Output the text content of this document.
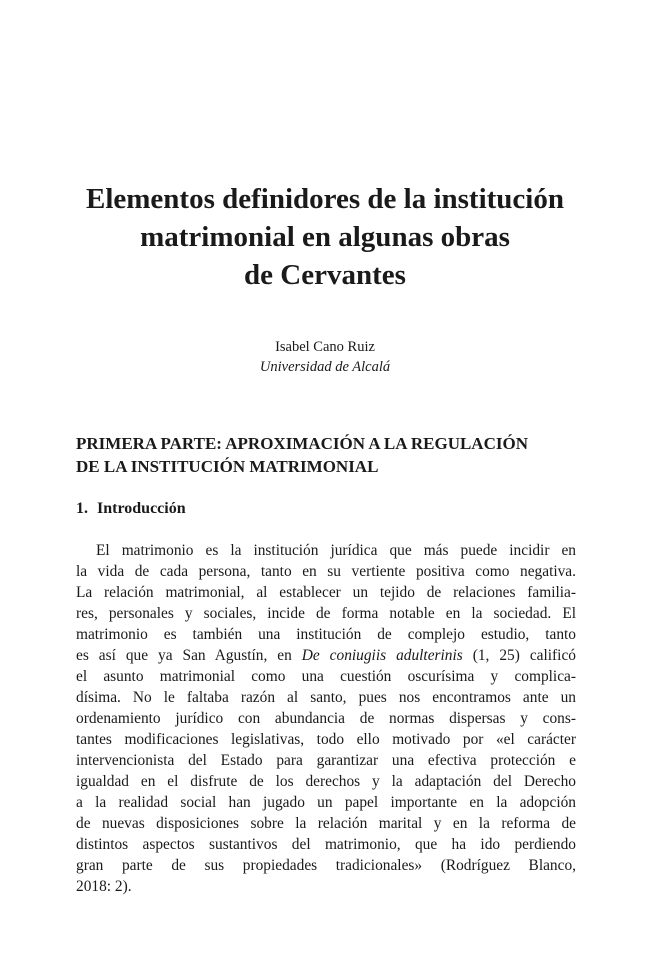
Elementos definidores de la institución
matrimonial en algunas obras
de Cervantes
Isabel Cano Ruiz
Universidad de Alcalá
PRIMERA PARTE: APROXIMACIÓN A LA REGULACIÓN
DE LA INSTITUCIÓN MATRIMONIAL
1. Introducción
El matrimonio es la institución jurídica que más puede incidir en
la vida de cada persona, tanto en su vertiente positiva como negativa.
La relación matrimonial, al establecer un tejido de relaciones familia-
res, personales y sociales, incide de forma notable en la sociedad. El
matrimonio es también una institución de complejo estudio, tanto
es así que ya San Agustín, en De coniugiis adulterinis (1, 25) calificó
el asunto matrimonial como una cuestión oscurísima y complica-
dísima. No le faltaba razón al santo, pues nos encontramos ante un
ordenamiento jurídico con abundancia de normas dispersas y cons-
tantes modificaciones legislativas, todo ello motivado por «el carácter
intervencionista del Estado para garantizar una efectiva protección e
igualdad en el disfrute de los derechos y la adaptación del Derecho
a la realidad social han jugado un papel importante en la adopción
de nuevas disposiciones sobre la relación marital y en la reforma de
distintos aspectos sustantivos del matrimonio, que ha ido perdiendo
gran parte de sus propiedades tradicionales» (Rodríguez Blanco,
2018: 2).
